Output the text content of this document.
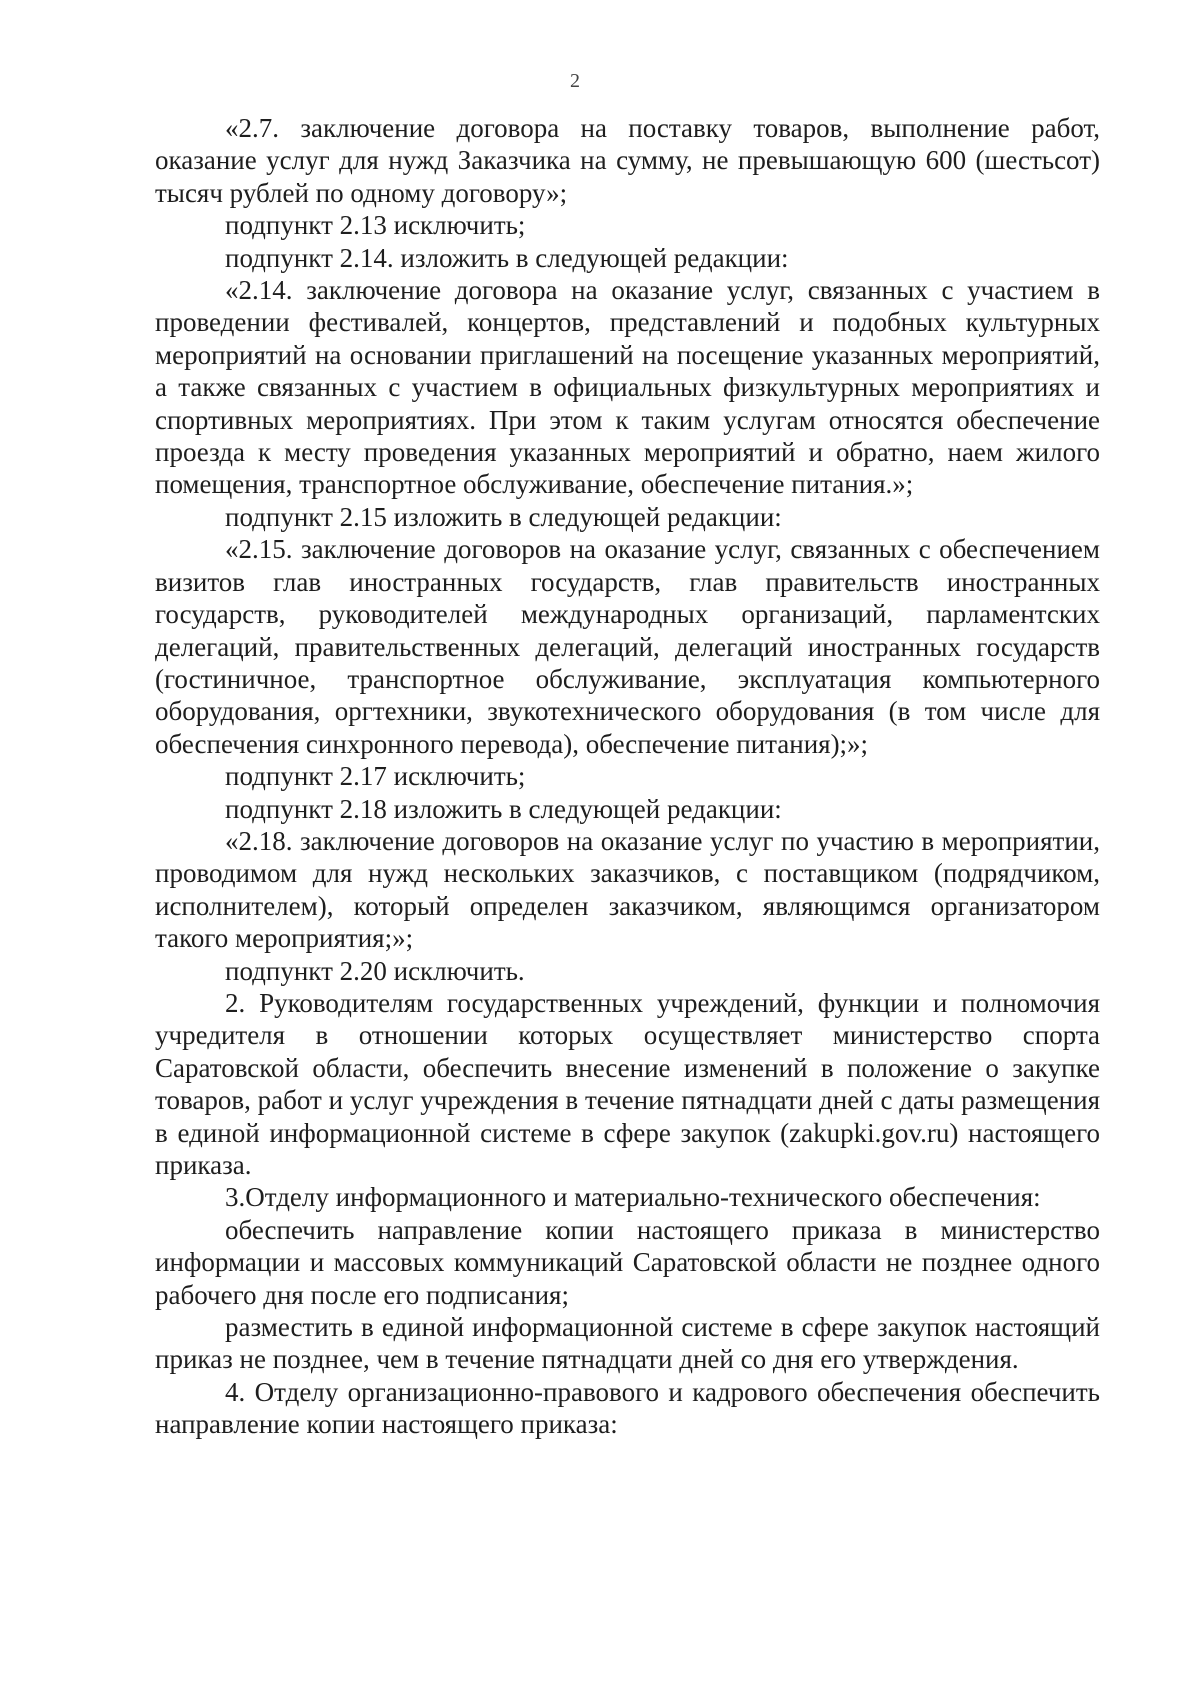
2

«2.7. заключение договора на поставку товаров, выполнение работ, оказание услуг для нужд Заказчика на сумму, не превышающую 600 (шестьсот) тысяч рублей по одному договору»;

подпункт 2.13 исключить;

подпункт 2.14. изложить в следующей редакции:

«2.14. заключение договора на оказание услуг, связанных с участием в проведении фестивалей, концертов, представлений и подобных культурных мероприятий на основании приглашений на посещение указанных мероприятий, а также связанных с участием в официальных физкультурных мероприятиях и спортивных мероприятиях. При этом к таким услугам относятся обеспечение проезда к месту проведения указанных мероприятий и обратно, наем жилого помещения, транспортное обслуживание, обеспечение питания.»;

подпункт 2.15 изложить в следующей редакции:

«2.15. заключение договоров на оказание услуг, связанных с обеспечением визитов глав иностранных государств, глав правительств иностранных государств, руководителей международных организаций, парламентских делегаций, правительственных делегаций, делегаций иностранных государств (гостиничное, транспортное обслуживание, эксплуатация компьютерного оборудования, оргтехники, звукотехнического оборудования (в том числе для обеспечения синхронного перевода), обеспечение питания);»;

подпункт 2.17 исключить;

подпункт 2.18 изложить в следующей редакции:

«2.18. заключение договоров на оказание услуг по участию в мероприятии, проводимом для нужд нескольких заказчиков, с поставщиком (подрядчиком, исполнителем), который определен заказчиком, являющимся организатором такого мероприятия;»;

подпункт 2.20 исключить.

2. Руководителям государственных учреждений, функции и полномочия учредителя в отношении которых осуществляет министерство спорта Саратовской области, обеспечить внесение изменений в положение о закупке товаров, работ и услуг учреждения в течение пятнадцати дней с даты размещения в единой информационной системе в сфере закупок (zakupki.gov.ru) настоящего приказа.

3.Отделу информационного и материально-технического обеспечения:

обеспечить направление копии настоящего приказа в министерство информации и массовых коммуникаций Саратовской области не позднее одного рабочего дня после его подписания;

разместить в единой информационной системе в сфере закупок настоящий приказ не позднее, чем в течение пятнадцати дней со дня его утверждения.

4. Отделу организационно-правового и кадрового обеспечения обеспечить направление копии настоящего приказа:
